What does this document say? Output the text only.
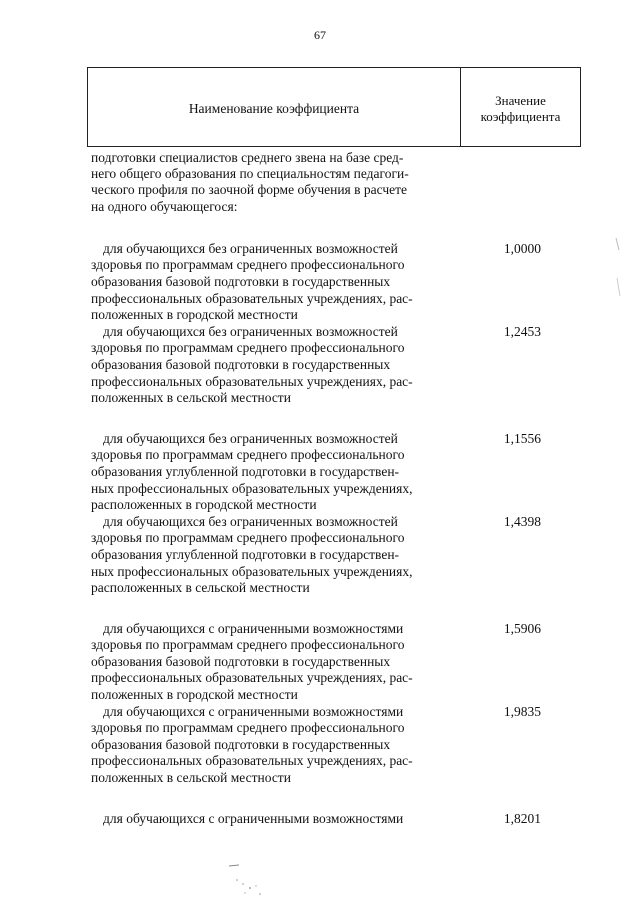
67
Наименование коэффициента
Значение
коэффициента
подготовки специалистов среднего звена на базе сред-
него общего образования по специальностям педагоги-
ческого профиля по заочной форме обучения в расчете
на одного обучающегося:
для обучающихся без ограниченных возможностей
здоровья по программам среднего профессионального
образования базовой подготовки в государственных
профессиональных образовательных учреждениях, рас-
положенных в городской местности
1,0000
для обучающихся без ограниченных возможностей
здоровья по программам среднего профессионального
образования базовой подготовки в государственных
профессиональных образовательных учреждениях, рас-
положенных в сельской местности
1,2453
для обучающихся без ограниченных возможностей
здоровья по программам среднего профессионального
образования углубленной подготовки в государствен-
ных профессиональных образовательных учреждениях,
расположенных в городской местности
1,1556
для обучающихся без ограниченных возможностей
здоровья по программам среднего профессионального
образования углубленной подготовки в государствен-
ных профессиональных образовательных учреждениях,
расположенных в сельской местности
1,4398
для обучающихся с ограниченными возможностями
здоровья по программам среднего профессионального
образования базовой подготовки в государственных
профессиональных образовательных учреждениях, рас-
положенных в городской местности
1,5906
для обучающихся с ограниченными возможностями
здоровья по программам среднего профессионального
образования базовой подготовки в государственных
профессиональных образовательных учреждениях, рас-
положенных в сельской местности
1,9835
для обучающихся с ограниченными возможностями	1,8201
